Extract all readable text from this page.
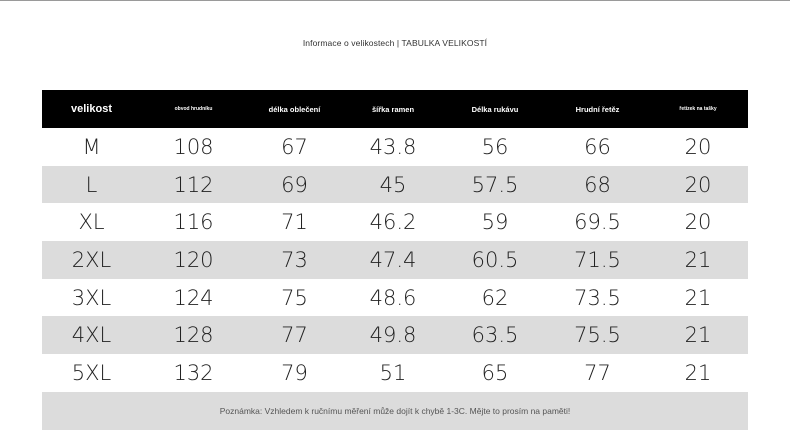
Informace o velikostech | TABULKA VELIKOSTÍ
velikost	obvod hrudníku	délka oblečení	šířka ramen	Délka rukávu	Hrudní řetěz	řetízek na tašky
M	108	67	43.8	56	66	20
L	112	69	45	57.5	68	20
XL	116	71	46.2	59	69.5	20
2XL	120	73	47.4	60.5	71.5	21
3XL	124	75	48.6	62	73.5	21
4XL	128	77	49.8	63.5	75.5	21
5XL	132	79	51	65	77	21
Poznámka: Vzhledem k ručnímu měření může dojít k chybě 1-3C. Mějte to prosím na paměti!
